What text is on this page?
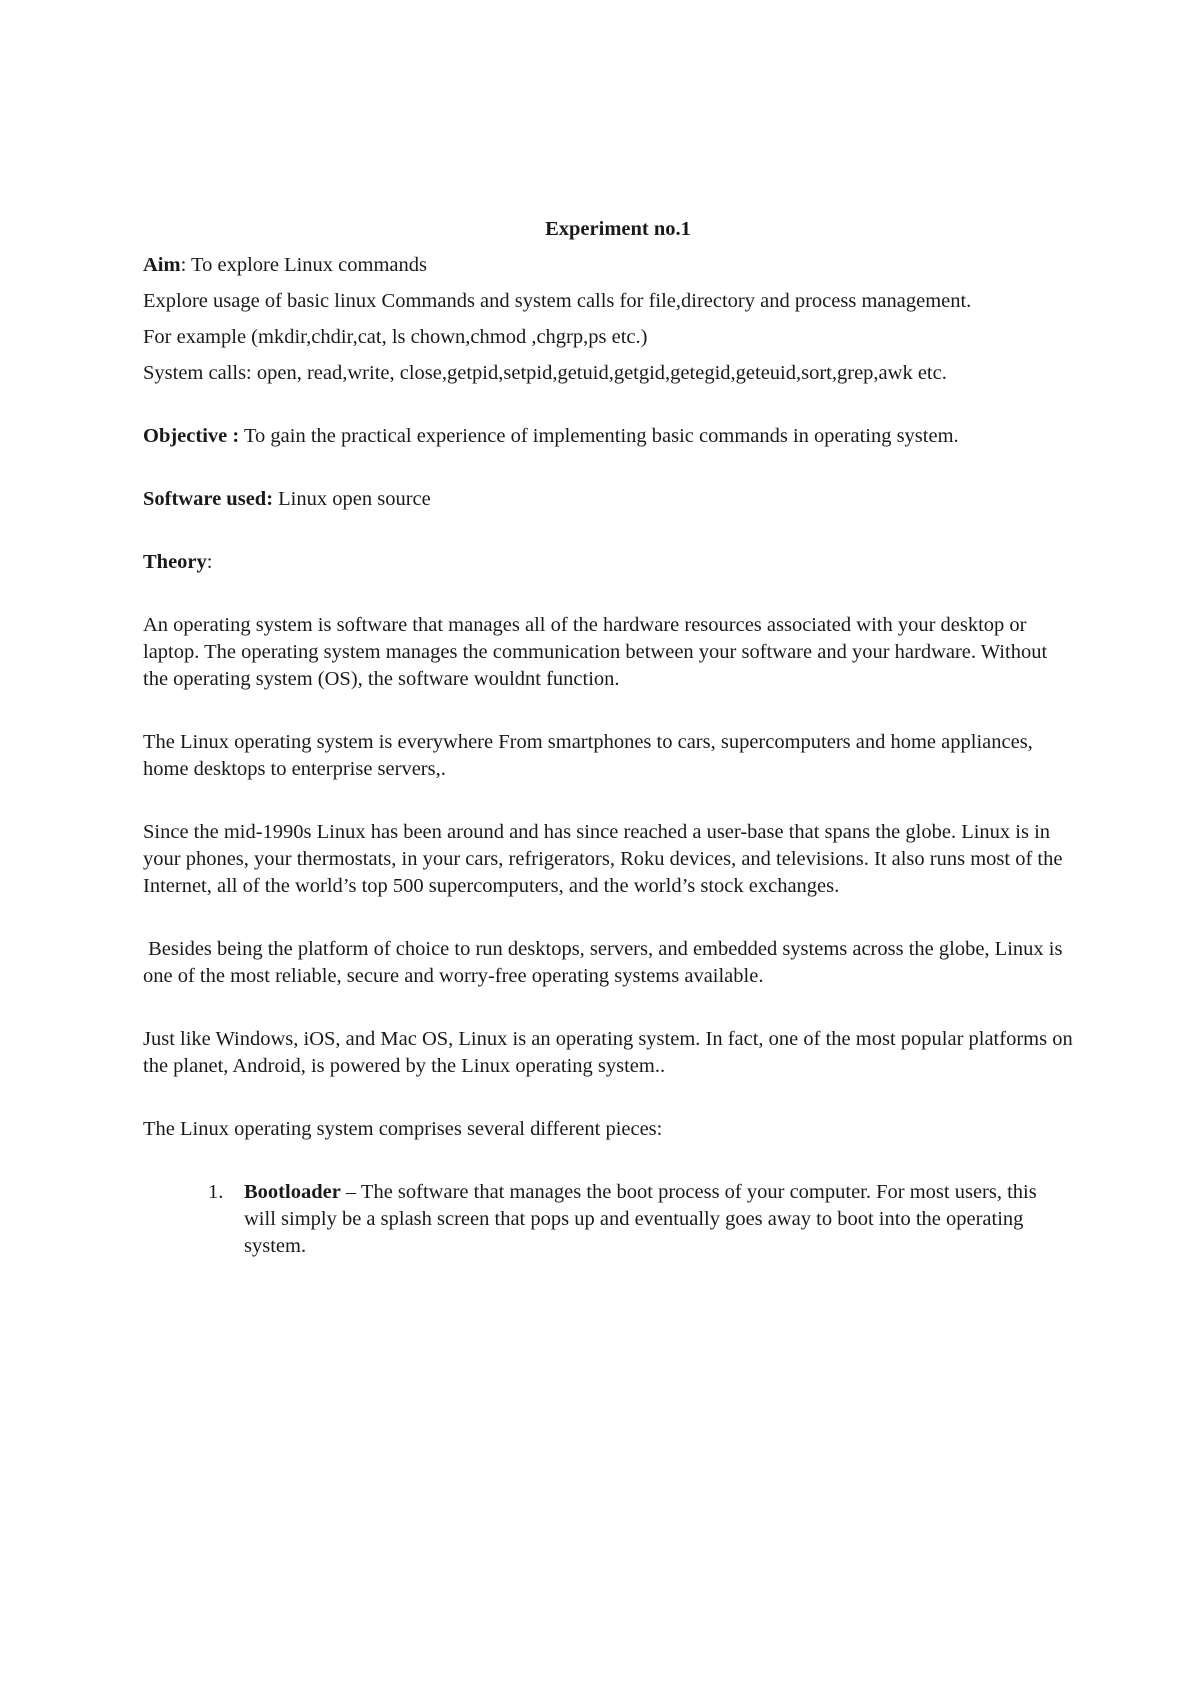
Experiment no.1

Aim: To explore Linux commands

Explore usage of basic linux Commands and system calls for file,directory and process management.

For example (mkdir,chdir,cat, ls chown,chmod ,chgrp,ps etc.)

System calls: open, read,write, close,getpid,setpid,getuid,getgid,getegid,geteuid,sort,grep,awk etc.

Objective : To gain the practical experience of implementing basic commands in operating system.

Software used: Linux open source

Theory:

An operating system is software that manages all of the hardware resources associated with your desktop or laptop. The operating system manages the communication between your software and your hardware. Without the operating system (OS), the software wouldnt function.

The Linux operating system is everywhere From smartphones to cars, supercomputers and home appliances, home desktops to enterprise servers,.

Since the mid-1990s Linux has been around and has since reached a user-base that spans the globe. Linux is in your phones, your thermostats, in your cars, refrigerators, Roku devices, and televisions. It also runs most of the Internet, all of the world’s top 500 supercomputers, and the world’s stock exchanges.

Besides being the platform of choice to run desktops, servers, and embedded systems across the globe, Linux is one of the most reliable, secure and worry-free operating systems available.

Just like Windows, iOS, and Mac OS, Linux is an operating system. In fact, one of the most popular platforms on the planet, Android, is powered by the Linux operating system..

The Linux operating system comprises several different pieces:

1. Bootloader – The software that manages the boot process of your computer. For most users, this will simply be a splash screen that pops up and eventually goes away to boot into the operating system.
